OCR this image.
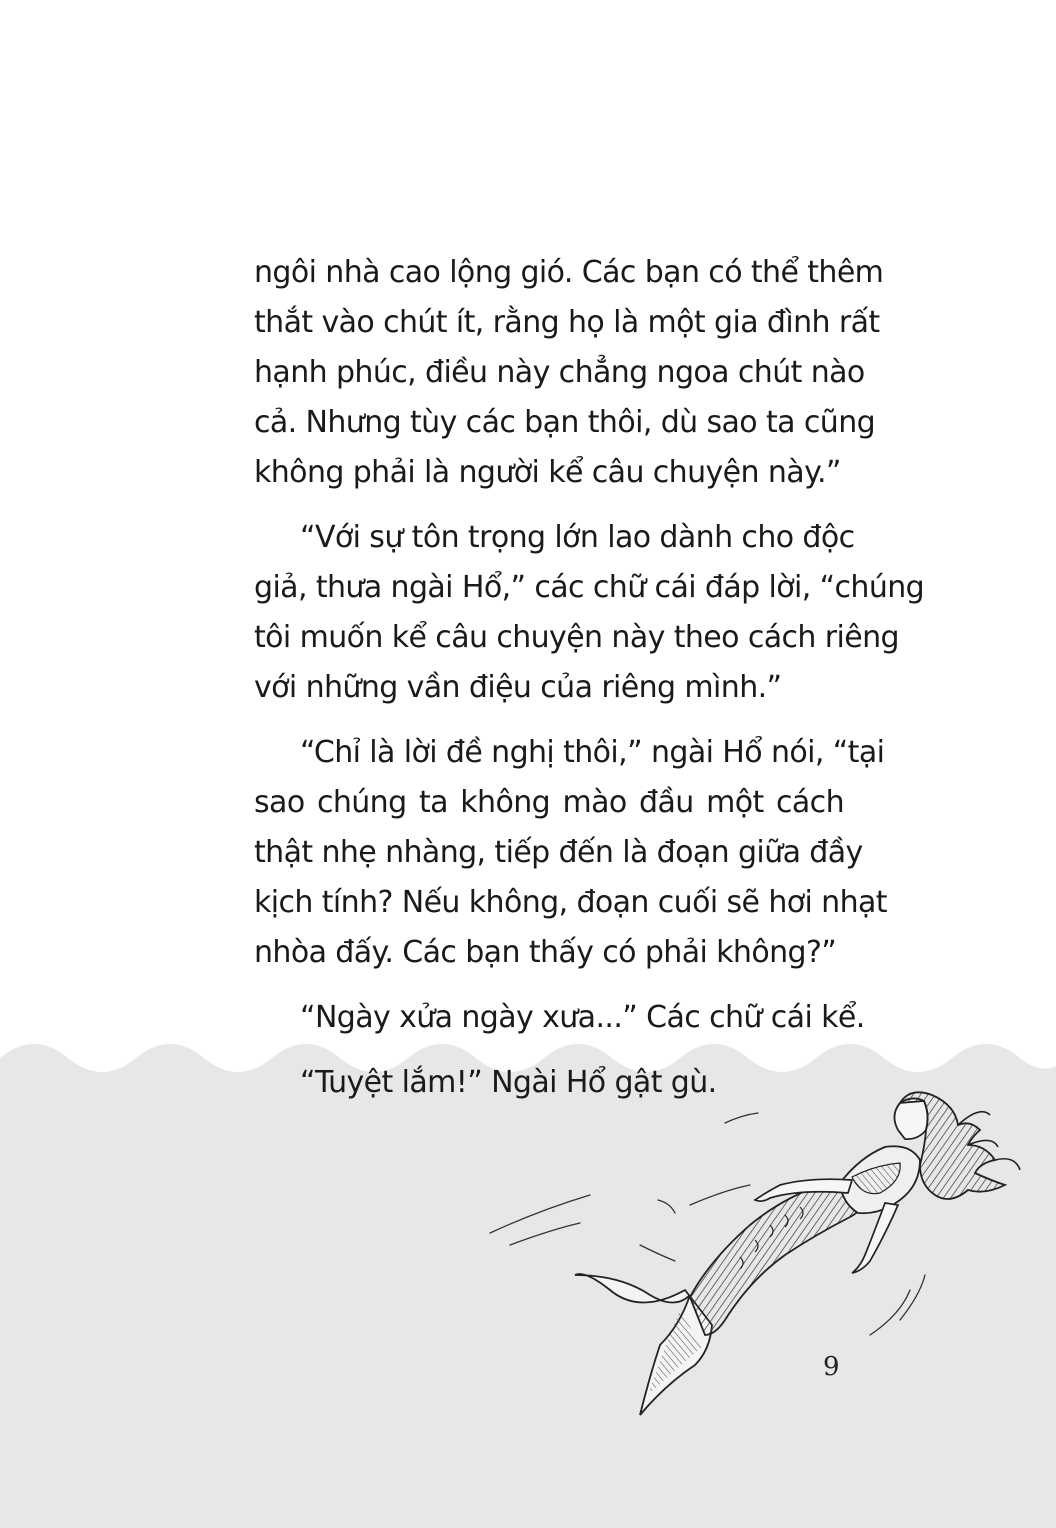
ngôi nhà cao lộng gió. Các bạn có thể thêm
thắt vào chút ít, rằng họ là một gia đình rất
hạnh phúc, điều này chẳng ngoa chút nào
cả. Nhưng tùy các bạn thôi, dù sao ta cũng
không phải là người kể câu chuyện này.”
“Với sự tôn trọng lớn lao dành cho độc
giả, thưa ngài Hổ,” các chữ cái đáp lời, “chúng
tôi muốn kể câu chuyện này theo cách riêng
với những vần điệu của riêng mình.”
“Chỉ là lời đề nghị thôi,” ngài Hổ nói, “tại
sao chúng ta không mào đầu một cách
thật nhẹ nhàng, tiếp đến là đoạn giữa đầy
kịch tính? Nếu không, đoạn cuối sẽ hơi nhạt
nhòa đấy. Các bạn thấy có phải không?”
“Ngày xửa ngày xưa...” Các chữ cái kể.
“Tuyệt lắm!” Ngài Hổ gật gù.
9
